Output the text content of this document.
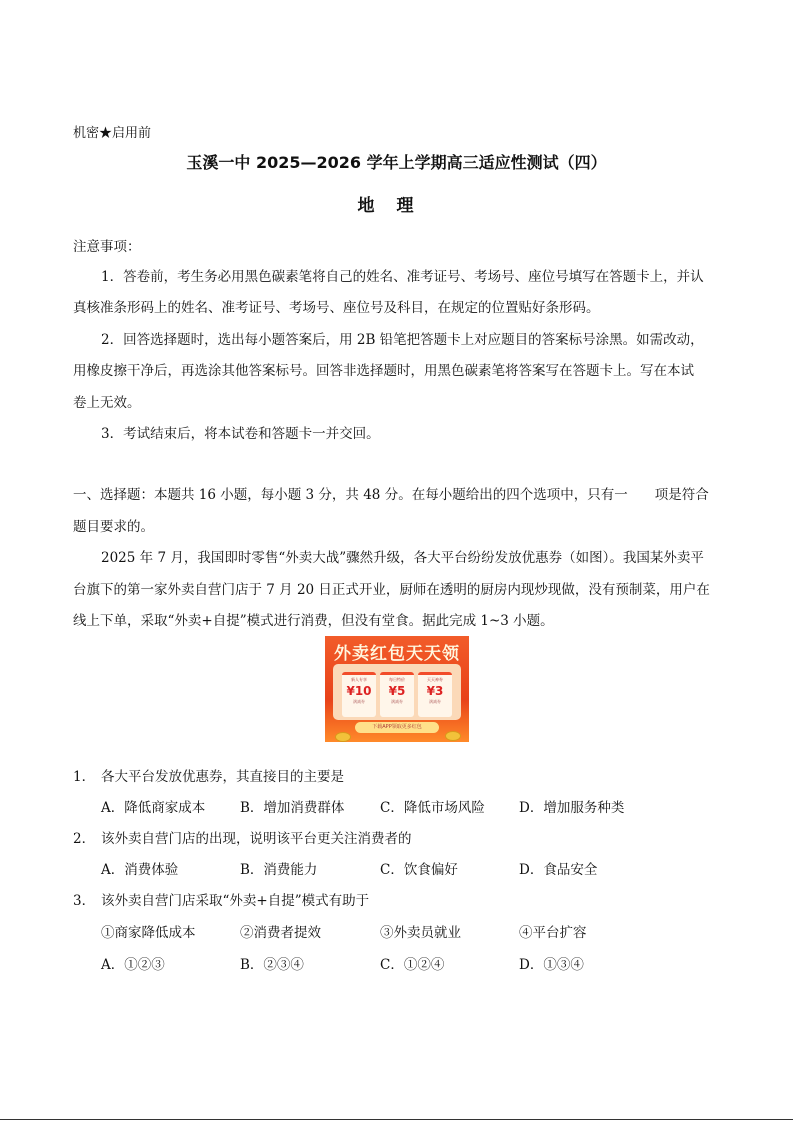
机密★启用前
玉溪一中 2025—2026 学年上学期高三适应性测试（四）
地理
注意事项：
1．答卷前，考生务必用黑色碳素笔将自己的姓名、准考证号、考场号、座位号填写在答题卡上，并认
真核准条形码上的姓名、准考证号、考场号、座位号及科目，在规定的位置贴好条形码。
2．回答选择题时，选出每小题答案后，用 2B 铅笔把答题卡上对应题目的答案标号涂黑。如需改动，
用橡皮擦干净后，再选涂其他答案标号。回答非选择题时，用黑色碳素笔将答案写在答题卡上。写在本试
卷上无效。
3．考试结束后，将本试卷和答题卡一并交回。
一、选择题：本题共 16 小题，每小题 3 分，共 48 分。在每小题给出的四个选项中，只有一　　项是符合
题目要求的。
2025 年 7 月，我国即时零售“外卖大战”骤然升级，各大平台纷纷发放优惠券（如图）。我国某外卖平
台旗下的第一家外卖自营门店于 7 月 20 日正式开业，厨师在透明的厨房内现炒现做，没有预制菜，用户在
线上下单，采取“外卖+自提”模式进行消费，但没有堂食。据此完成 1~3 小题。
外卖红包天天领
新人专享
¥10
满减券
每日特价
¥5
满减券
天天神券
¥3
满减券
下载APP领取更多红包
1． 各大平台发放优惠券，其直接目的主要是
A．降低商家成本	B．增加消费群体	C．降低市场风险	D．增加服务种类
2． 该外卖自营门店的出现，说明该平台更关注消费者的
A．消费体验	B．消费能力	C．饮食偏好	D．食品安全
3． 该外卖自营门店采取“外卖+自提”模式有助于
①商家降低成本	②消费者提效	③外卖员就业	④平台扩容
A．①②③	B．②③④	C．①②④	D．①③④
